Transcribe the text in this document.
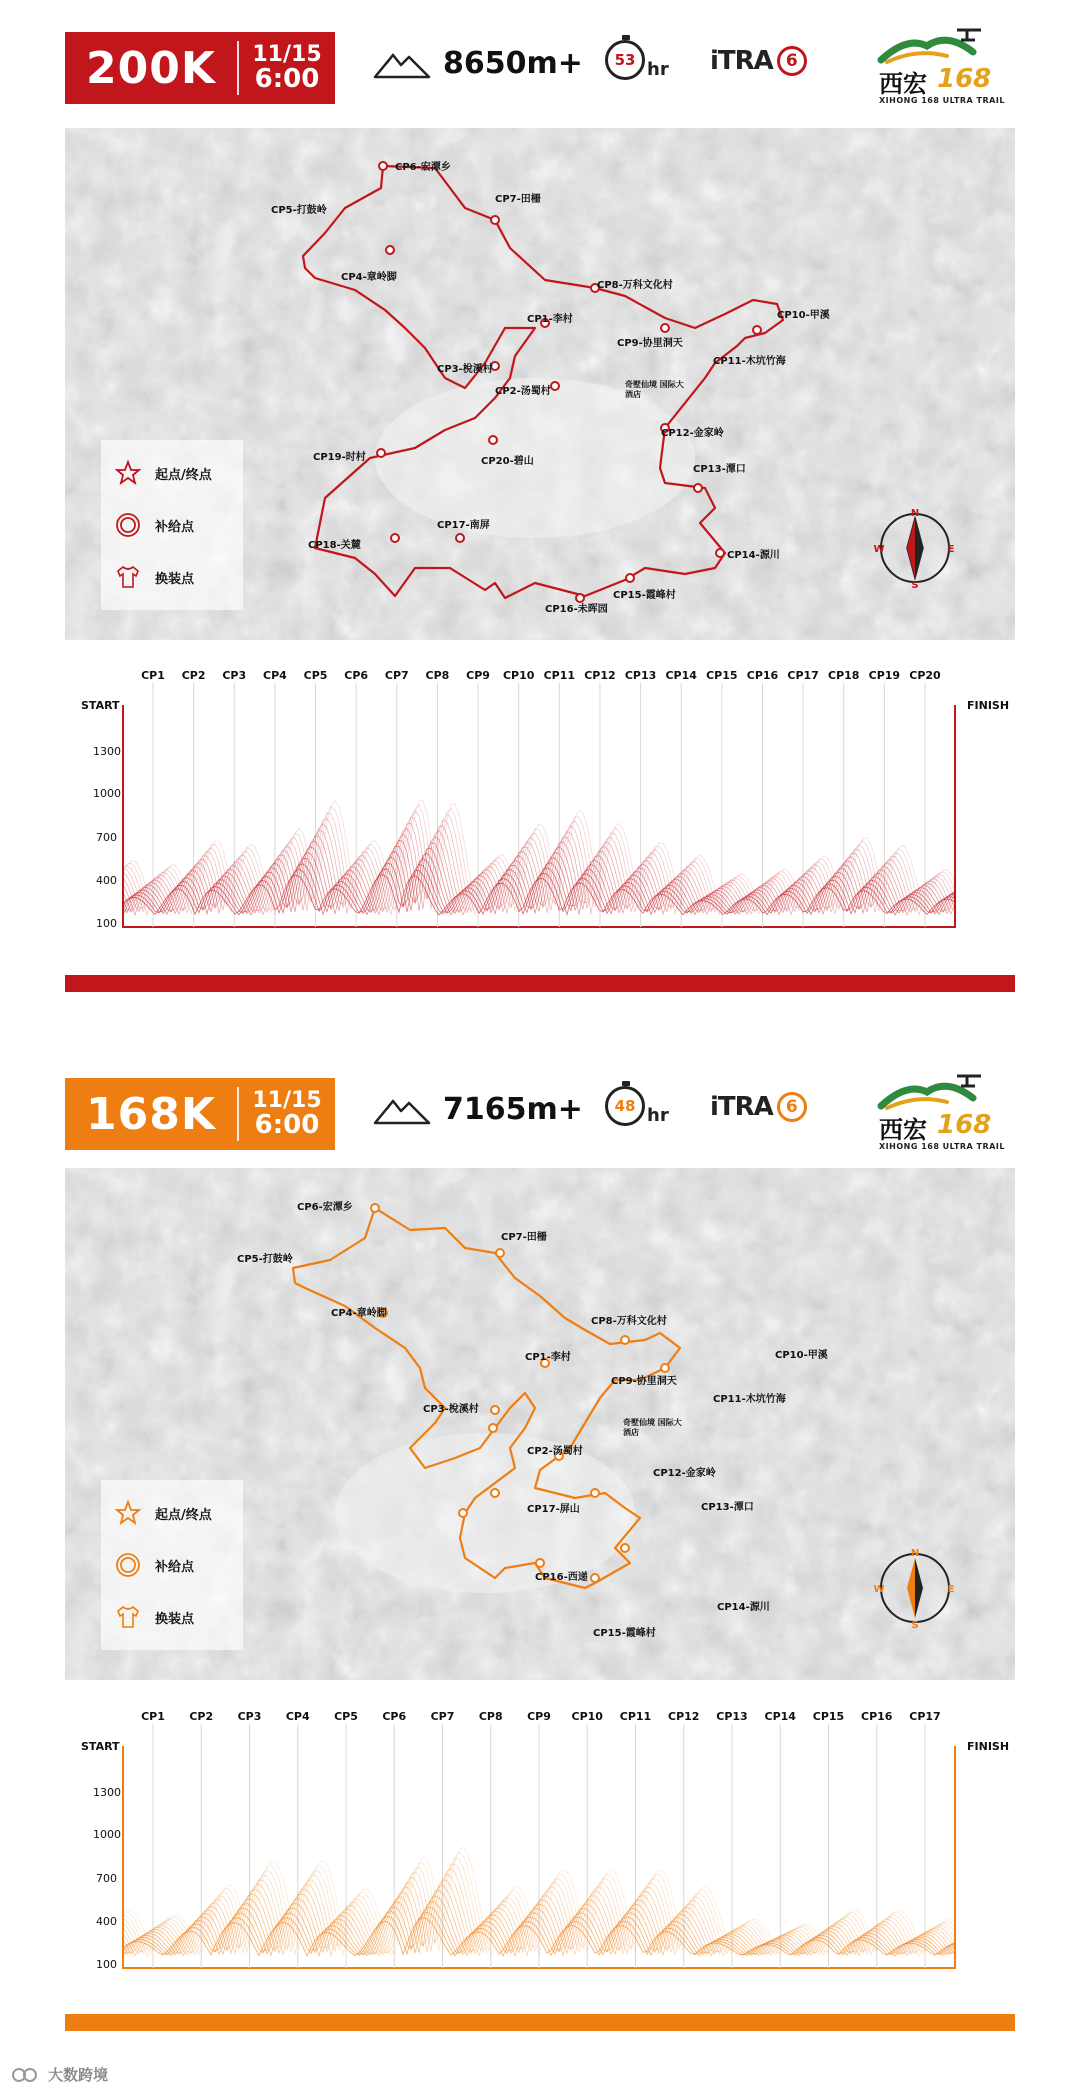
200K	11/15
6:00	8650m+ 53 hr iTRA 6
西宏 168
XIHONG 168 ULTRA TRAIL
CP6-宏潭乡
CP7-田柵
CP5-打鼓岭
CP4-章岭脚
CP8-万科文化村
CP1-李村	CP10-甲溪
CP9-协里洞天
CP11-木坑竹海
CP3-梲溪村
CP2-汤蜀村
奇墅仙境 国际大酒店
CP12-金家岭
CP19-时村	CP20-碧山
CP13-潭口
CP17-南屏
CP18-关麓
CP14-源川
CP15-霞峰村
CP16-未晖园
起点/终点
补给点
换装点
N
S
E
W
START	FINISH
1300
1000
700
400
100
CP1 CP2 CP3 CP4 CP5 CP6 CP7 CP8 CP9 CP10 CP11 CP12 CP13 CP14 CP15 CP16 CP17 CP18 CP19 CP20
168K	11/15
6:00	7165m+ 48 hr iTRA 6
西宏 168
XIHONG 168 ULTRA TRAIL
CP6-宏潭乡
CP7-田柵
CP5-打鼓岭
CP4-章岭脚
CP8-万科文化村
CP1-李村	CP10-甲溪
CP9-协里洞天
CP11-木坑竹海
CP3-梲溪村
奇墅仙境 国际大酒店
CP2-汤蜀村
CP12-金家岭
CP17-屏山	CP13-潭口
CP16-西递
CP14-源川
CP15-霞峰村
起点/终点
补给点
换装点
N
S
E
W
START	FINISH
1300
1000
700
400
100
CP1 CP2 CP3 CP4 CP5 CP6 CP7 CP8 CP9 CP10 CP11 CP12 CP13 CP14 CP15 CP16 CP17
大数跨境
